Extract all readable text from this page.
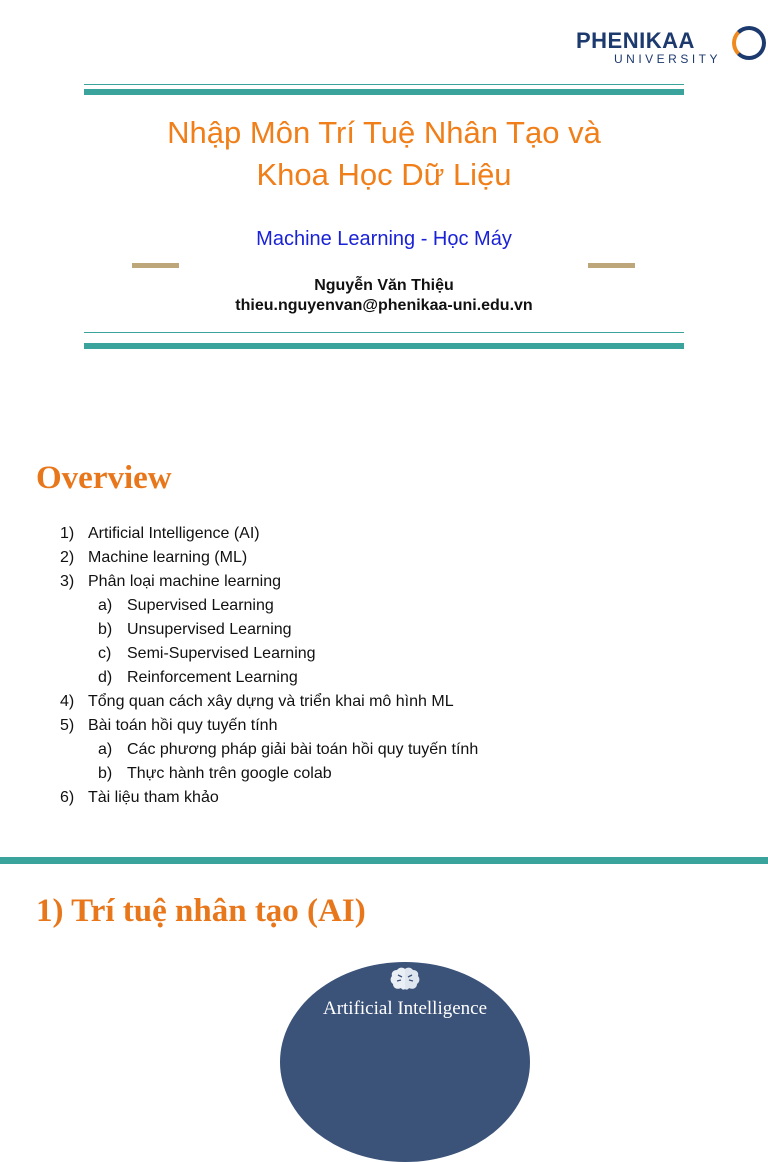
PHENIKAA
UNIVERSITY
Nhập Môn Trí Tuệ Nhân Tạo và
Khoa Học Dữ Liệu
Machine Learning - Học Máy
Nguyễn Văn Thiệu
thieu.nguyenvan@phenikaa-uni.edu.vn
Overview
1) Artificial Intelligence (AI)
2) Machine learning (ML)
3) Phân loại machine learning
a) Supervised Learning
b) Unsupervised Learning
c) Semi-Supervised Learning
d) Reinforcement Learning
4) Tổng quan cách xây dựng và triển khai mô hình ML
5) Bài toán hồi quy tuyến tính
a) Các phương pháp giải bài toán hồi quy tuyến tính
b) Thực hành trên google colab
6) Tài liệu tham khảo
1) Trí tuệ nhân tạo (AI)
Artificial Intelligence
